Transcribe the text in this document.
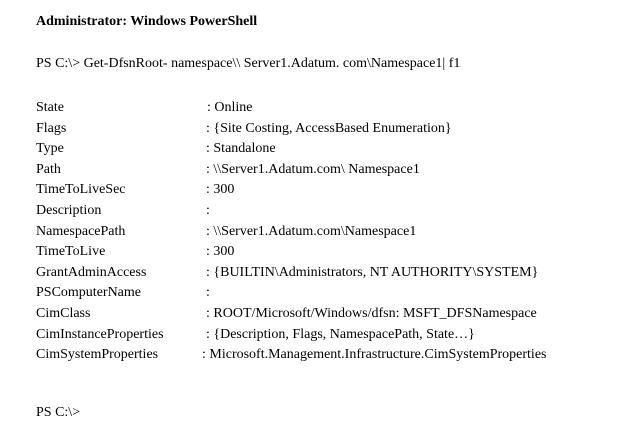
Administrator: Windows PowerShell
PS C:\> Get-DfsnRoot- namespace\\ Server1.Adatum. com\Namespace1| f1
State	: Online
Flags	: {Site Costing, AccessBased Enumeration}
Type	: Standalone
Path	: \\Server1.Adatum.com\ Namespace1
TimeToLiveSec	: 300
Description	:
NamespacePath	: \\Server1.Adatum.com\Namespace1
TimeToLive	: 300
GrantAdminAccess	: {BUILTIN\Administrators, NT AUTHORITY\SYSTEM}
PSComputerName	:
CimClass	: ROOT/Microsoft/Windows/dfsn: MSFT_DFSNamespace
CimInstanceProperties	: {Description, Flags, NamespacePath, State…}
CimSystemProperties	: Microsoft.Management.Infrastructure.CimSystemProperties
PS C:\>
